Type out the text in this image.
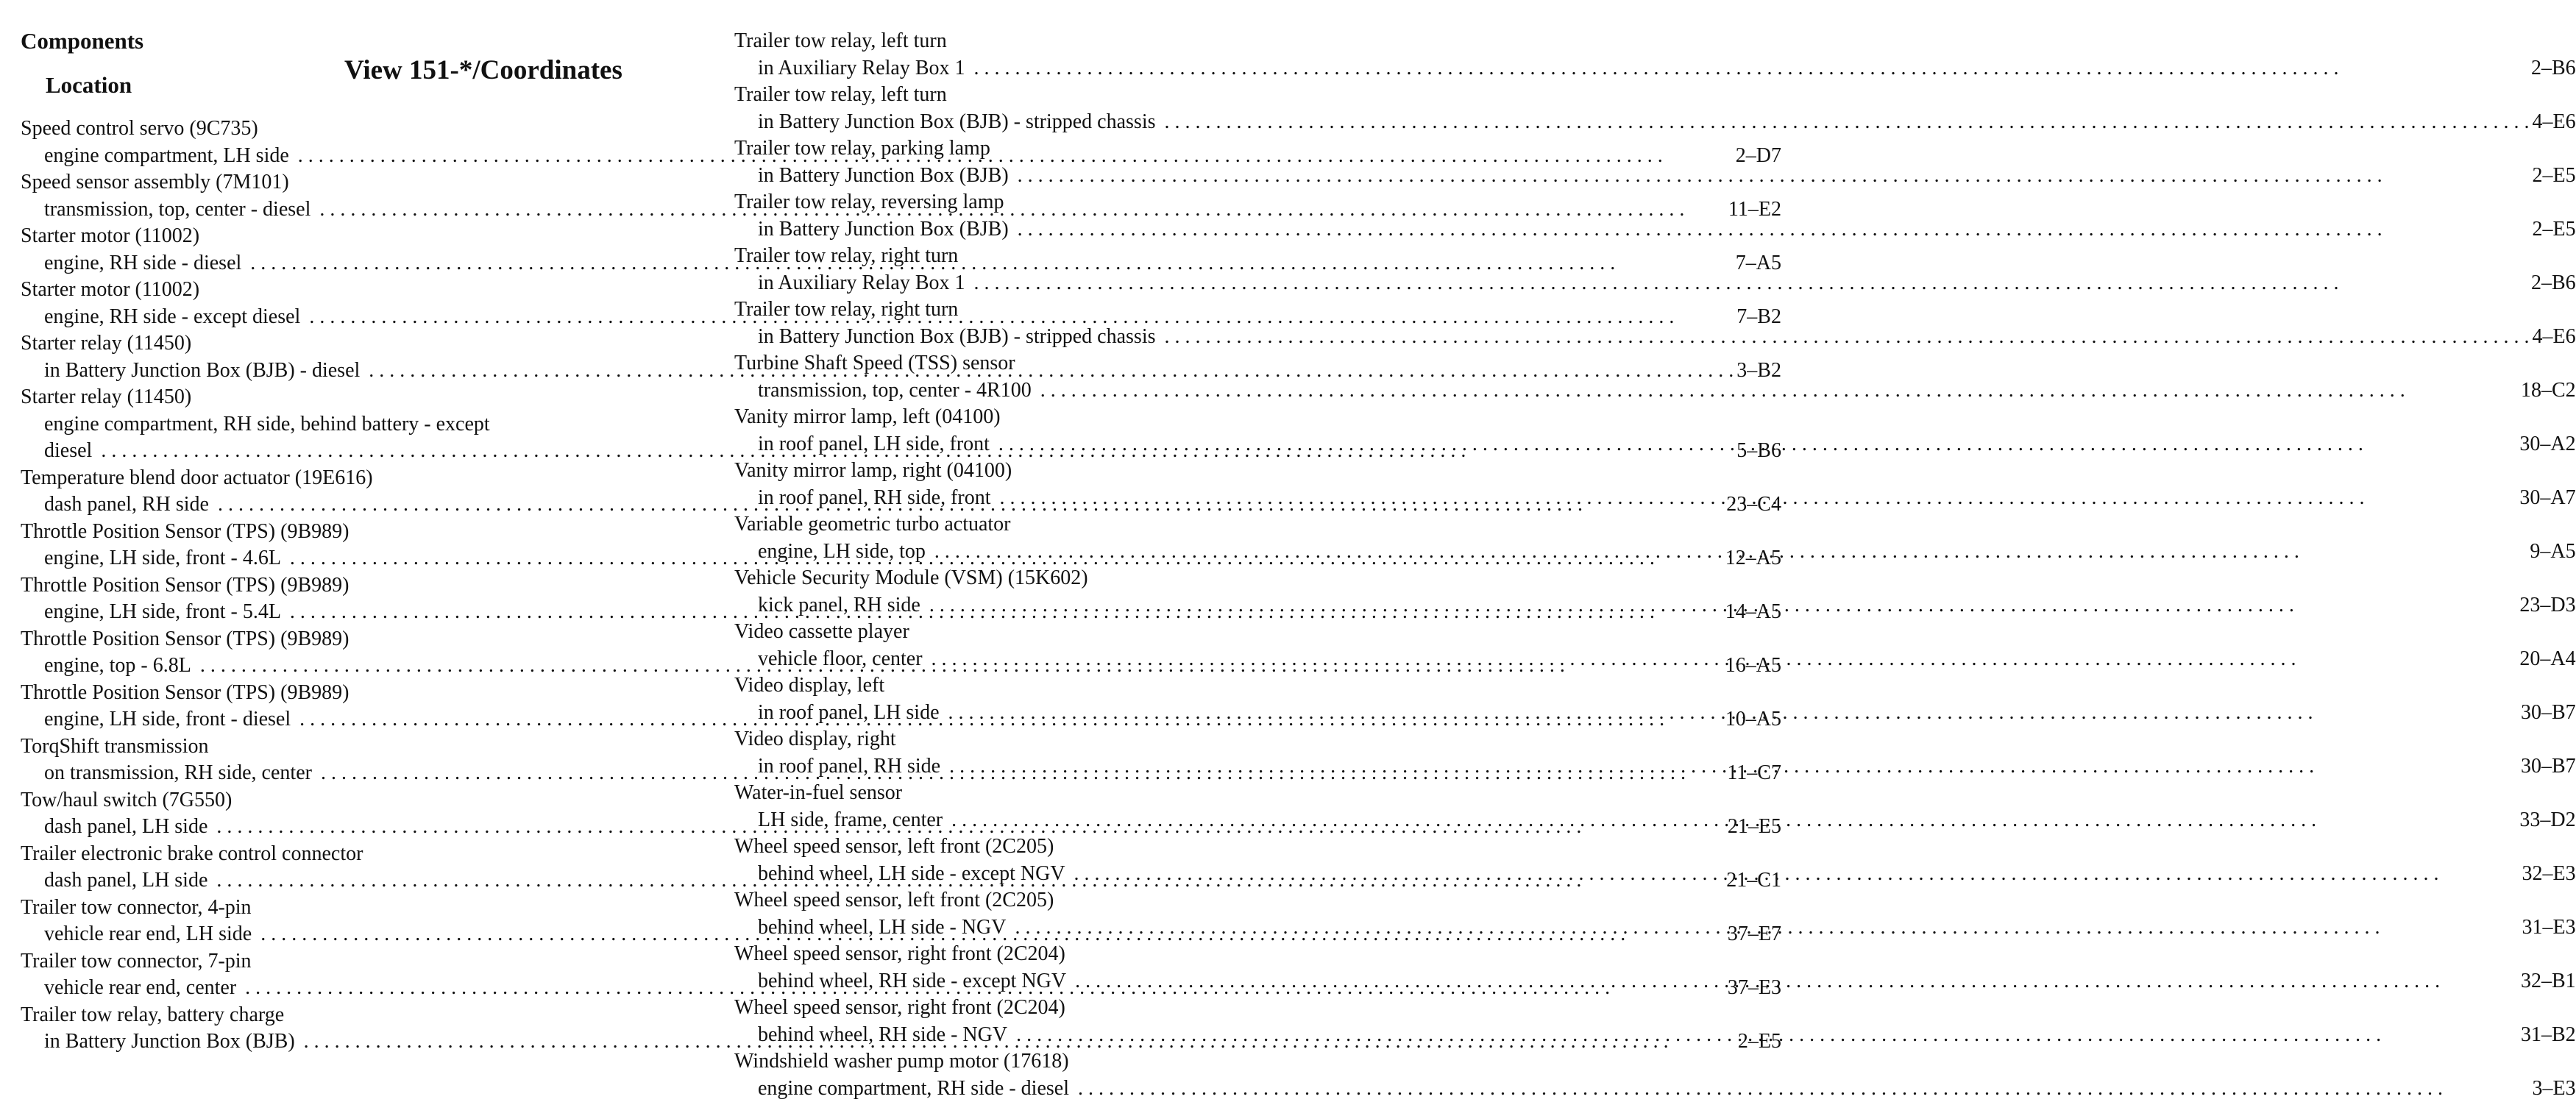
Components
Location	View 151-*/Coordinates
Speed control servo (9C735)
engine compartment, LH side . . .	2–D7
Speed sensor assembly (7M101)
transmission, top, center - diesel . . .	11–E2
Starter motor (11002)
engine, RH side - diesel . . .	7–A5
Starter motor (11002)
engine, RH side - except diesel . . .	7–B2
Starter relay (11450)
in Battery Junction Box (BJB) - diesel . . .	3–B2
Starter relay (11450)
engine compartment, RH side, behind battery - except
diesel . . .	5–B6
Temperature blend door actuator (19E616)
dash panel, RH side . . .	23–C4
Throttle Position Sensor (TPS) (9B989)
engine, LH side, front - 4.6L . . .	12–A5
Throttle Position Sensor (TPS) (9B989)
engine, LH side, front - 5.4L . . .	14–A5
Throttle Position Sensor (TPS) (9B989)
engine, top - 6.8L . . .	16–A5
Throttle Position Sensor (TPS) (9B989)
engine, LH side, front - diesel . . .	10–A5
TorqShift transmission
on transmission, RH side, center . . .	11–C7
Tow/haul switch (7G550)
dash panel, LH side . . .	21–E5
Trailer electronic brake control connector
dash panel, LH side . . .	21–C1
Trailer tow connector, 4-pin
vehicle rear end, LH side . . .	37–E7
Trailer tow connector, 7-pin
vehicle rear end, center . . .	37–E3
Trailer tow relay, battery charge
in Battery Junction Box (BJB) . . .	2–E5
Trailer tow relay, left turn
in Auxiliary Relay Box 1 . . .	2–B6
Trailer tow relay, left turn
in Battery Junction Box (BJB) - stripped chassis . . .	4–E6
Trailer tow relay, parking lamp
in Battery Junction Box (BJB) . . .	2–E5
Trailer tow relay, reversing lamp
in Battery Junction Box (BJB) . . .	2–E5
Trailer tow relay, right turn
in Auxiliary Relay Box 1 . . .	2–B6
Trailer tow relay, right turn
in Battery Junction Box (BJB) - stripped chassis . . .	4–E6
Turbine Shaft Speed (TSS) sensor
transmission, top, center - 4R100 . . .	18–C2
Vanity mirror lamp, left (04100)
in roof panel, LH side, front . . .	30–A2
Vanity mirror lamp, right (04100)
in roof panel, RH side, front . . .	30–A7
Variable geometric turbo actuator
engine, LH side, top . . .	9–A5
Vehicle Security Module (VSM) (15K602)
kick panel, RH side . . .	23–D3
Video cassette player
vehicle floor, center . . .	20–A4
Video display, left
in roof panel, LH side . . .	30–B7
Video display, right
in roof panel, RH side . . .	30–B7
Water-in-fuel sensor
LH side, frame, center . . .	33–D2
Wheel speed sensor, left front (2C205)
behind wheel, LH side - except NGV . . .	32–E3
Wheel speed sensor, left front (2C205)
behind wheel, LH side - NGV . . .	31–E3
Wheel speed sensor, right front (2C204)
behind wheel, RH side - except NGV . . .	32–B1
Wheel speed sensor, right front (2C204)
behind wheel, RH side - NGV . . .	31–B2
Windshield washer pump motor (17618)
engine compartment, RH side - diesel . . .	3–E3
